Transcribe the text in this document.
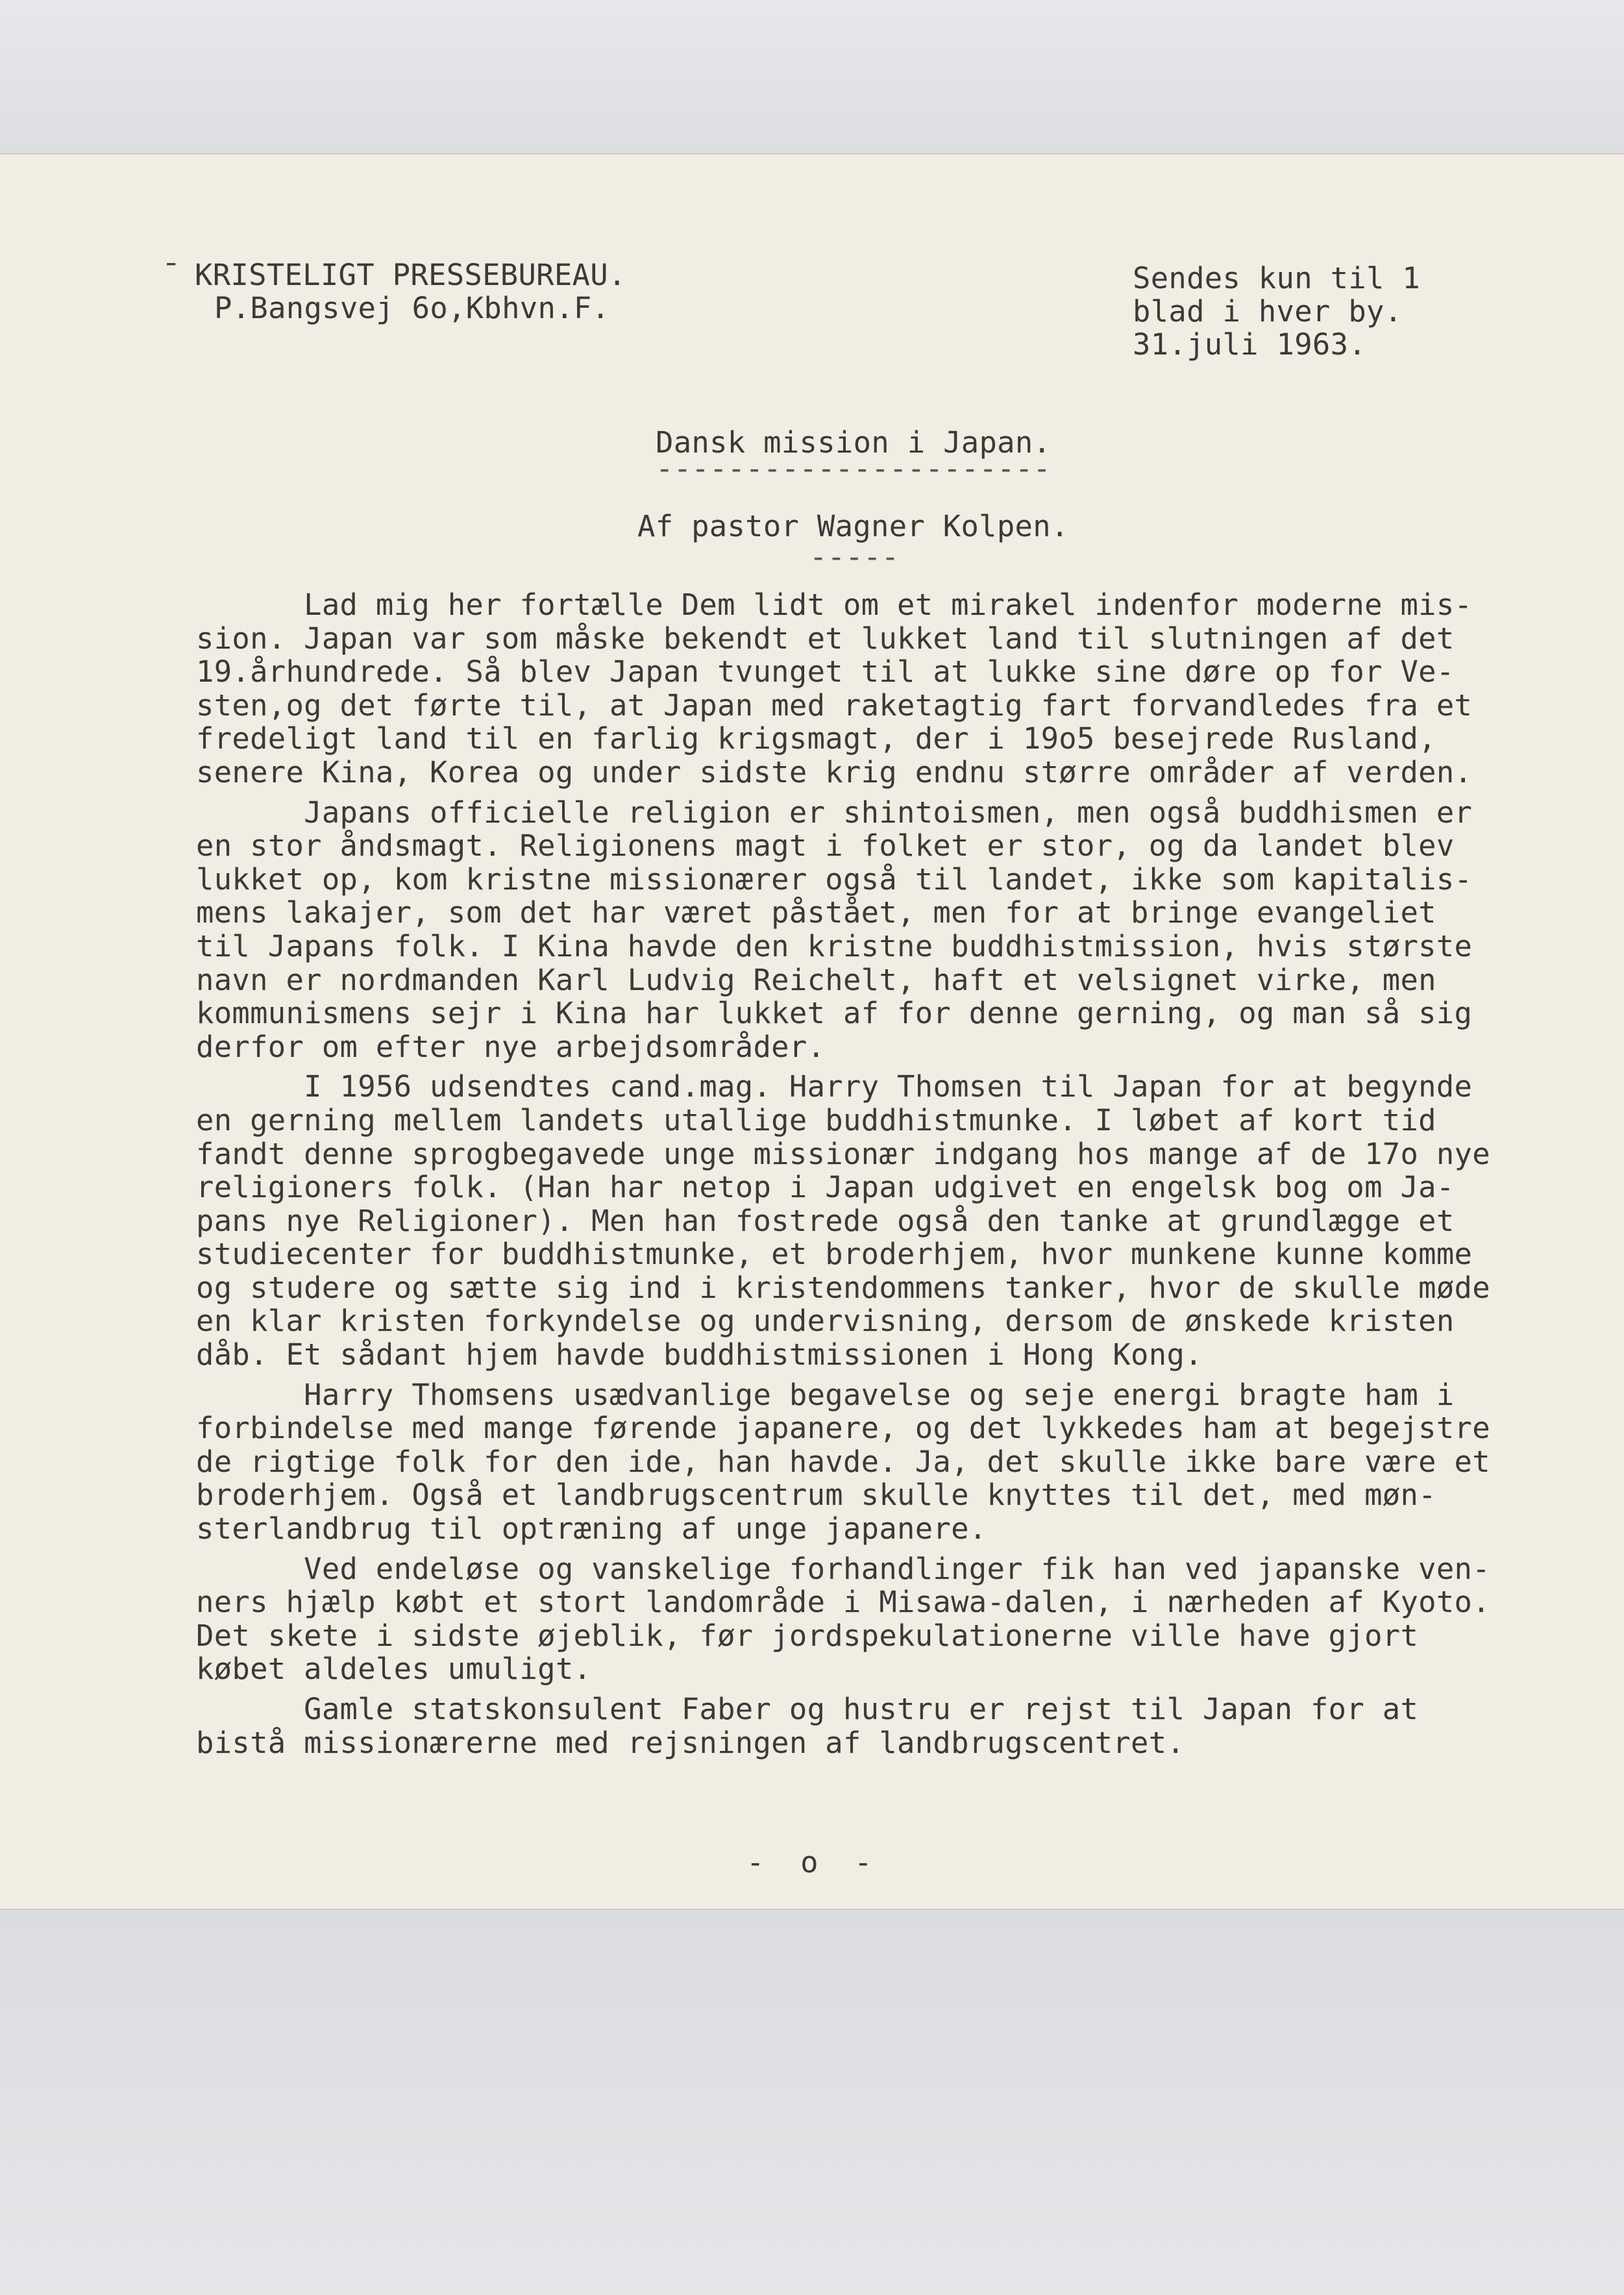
¯ KRISTELIGT PRESSEBUREAU.
P.Bangsvej 6o,Kbhvn.F.
Sendes kun til 1
blad i hver by.
31.juli 1963.
Dansk mission i Japan.
----------------------
Af pastor Wagner Kolpen.
-----
Lad mig her fortælle Dem lidt om et mirakel indenfor moderne mis-
sion. Japan var som måske bekendt et lukket land til slutningen af det
19.århundrede. Så blev Japan tvunget til at lukke sine døre op for Ve-
sten,og det førte til, at Japan med raketagtig fart forvandledes fra et
fredeligt land til en farlig krigsmagt, der i 19o5 besejrede Rusland,
senere Kina, Korea og under sidste krig endnu større områder af verden.
Japans officielle religion er shintoismen, men også buddhismen er
en stor åndsmagt. Religionens magt i folket er stor, og da landet blev
lukket op, kom kristne missionærer også til landet, ikke som kapitalis-
mens lakajer, som det har været påstået, men for at bringe evangeliet
til Japans folk. I Kina havde den kristne buddhistmission, hvis største
navn er nordmanden Karl Ludvig Reichelt, haft et velsignet virke, men
kommunismens sejr i Kina har lukket af for denne gerning, og man så sig
derfor om efter nye arbejdsområder.
I 1956 udsendtes cand.mag. Harry Thomsen til Japan for at begynde
en gerning mellem landets utallige buddhistmunke. I løbet af kort tid
fandt denne sprogbegavede unge missionær indgang hos mange af de 17o nye
religioners folk. (Han har netop i Japan udgivet en engelsk bog om Ja-
pans nye Religioner). Men han fostrede også den tanke at grundlægge et
studiecenter for buddhistmunke, et broderhjem, hvor munkene kunne komme
og studere og sætte sig ind i kristendommens tanker, hvor de skulle møde
en klar kristen forkyndelse og undervisning, dersom de ønskede kristen
dåb. Et sådant hjem havde buddhistmissionen i Hong Kong.
Harry Thomsens usædvanlige begavelse og seje energi bragte ham i
forbindelse med mange førende japanere, og det lykkedes ham at begejstre
de rigtige folk for den ide, han havde. Ja, det skulle ikke bare være et
broderhjem. Også et landbrugscentrum skulle knyttes til det, med møn-
sterlandbrug til optræning af unge japanere.
Ved endeløse og vanskelige forhandlinger fik han ved japanske ven-
ners hjælp købt et stort landområde i Misawa-dalen, i nærheden af Kyoto.
Det skete i sidste øjeblik, før jordspekulationerne ville have gjort
købet aldeles umuligt.
Gamle statskonsulent Faber og hustru er rejst til Japan for at
bistå missionærerne med rejsningen af landbrugscentret.
-  o  -
